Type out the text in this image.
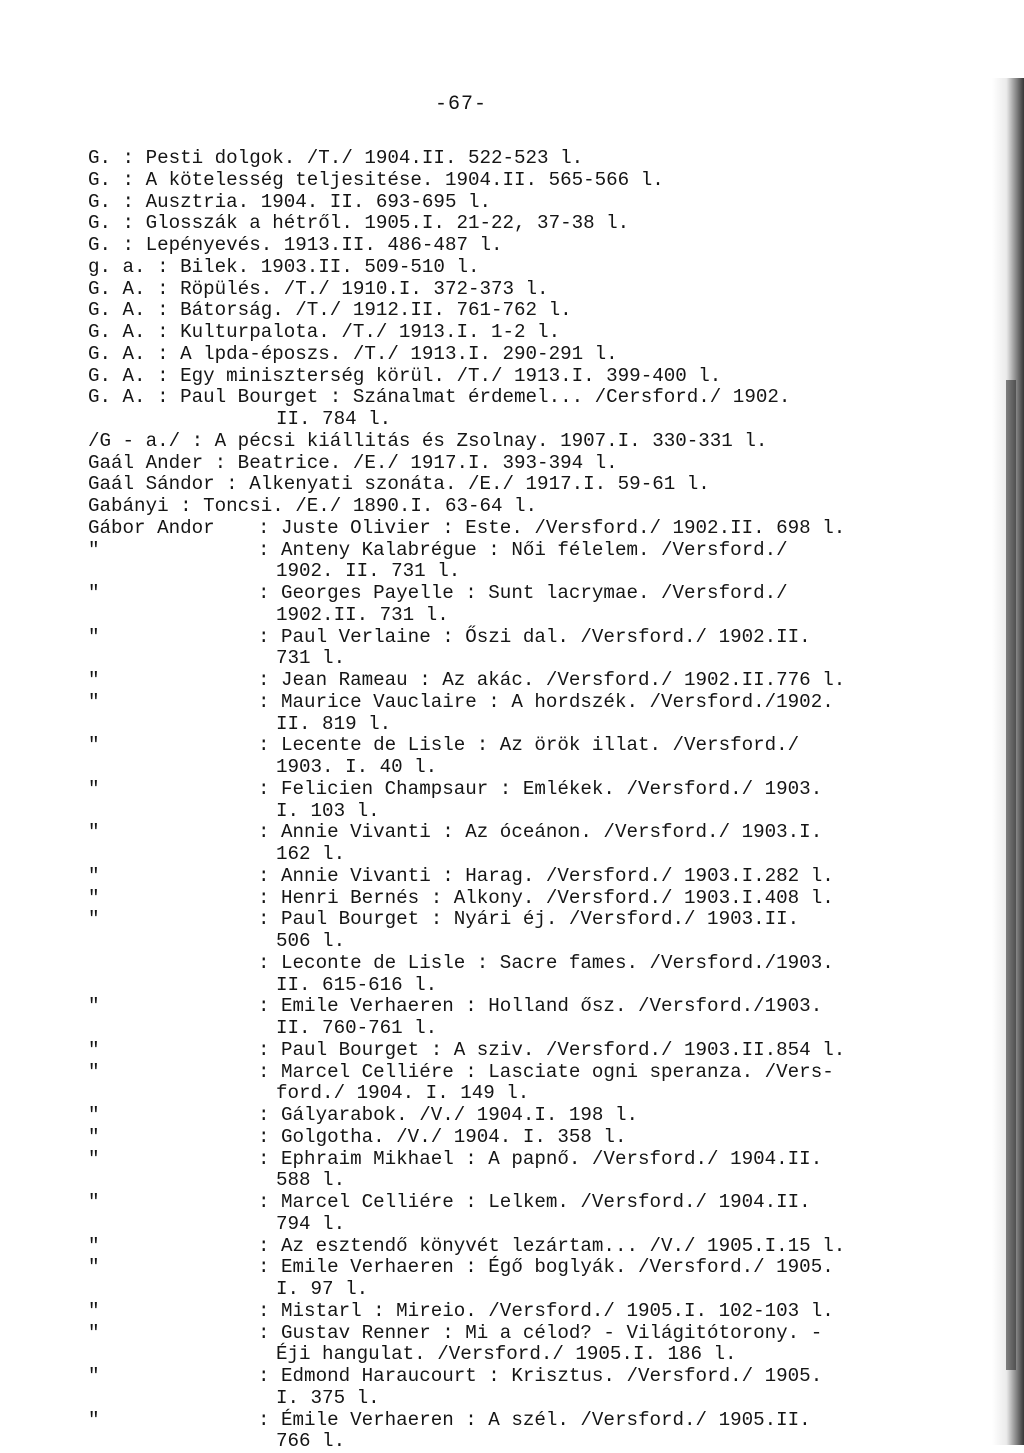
-67-
G. : Pesti dolgok. /T./ 1904.II. 522-523 l.
G. : A kötelesség teljesitése. 1904.II. 565-566 l.
G. : Ausztria. 1904. II. 693-695 l.
G. : Glosszák a hétről. 1905.I. 21-22, 37-38 l.
G. : Lepényevés. 1913.II. 486-487 l.
g. a. : Bilek. 1903.II. 509-510 l.
G. A. : Röpülés. /T./ 1910.I. 372-373 l.
G. A. : Bátorság. /T./ 1912.II. 761-762 l.
G. A. : Kulturpalota. /T./ 1913.I. 1-2 l.
G. A. : A lpda-époszs. /T./ 1913.I. 290-291 l.
G. A. : Egy miniszterség körül. /T./ 1913.I. 399-400 l.
G. A. : Paul Bourget : Szánalmat érdemel... /Cersford./ 1902.
II. 784 l.
/G - a./ : A pécsi kiállitás és Zsolnay. 1907.I. 330-331 l.
Gaál Ander : Beatrice. /E./ 1917.I. 393-394 l.
Gaál Sándor : Alkenyati szonáta. /E./ 1917.I. 59-61 l.
Gabányi : Toncsi. /E./ 1890.I. 63-64 l.
Gábor Andor : Juste Olivier : Este. /Versford./ 1902.II. 698 l.
"	: Anteny Kalabrégue : Női félelem. /Versford./
1902. II. 731 l.
"	: Georges Payelle : Sunt lacrymae. /Versford./
1902.II. 731 l.
"	: Paul Verlaine : Őszi dal. /Versford./ 1902.II.
731 l.
"	: Jean Rameau : Az akác. /Versford./ 1902.II.776 l.
"	: Maurice Vauclaire : A hordszék. /Versford./1902.
II. 819 l.
"	: Lecente de Lisle : Az örök illat. /Versford./
1903. I. 40 l.
"	: Felicien Champsaur : Emlékek. /Versford./ 1903.
I. 103 l.
"	: Annie Vivanti : Az óceánon. /Versford./ 1903.I.
162 l.
"	: Annie Vivanti : Harag. /Versford./ 1903.I.282 l.
"	: Henri Bernés : Alkony. /Versford./ 1903.I.408 l.
"	: Paul Bourget : Nyári éj. /Versford./ 1903.II.
506 l.
: Leconte de Lisle : Sacre fames. /Versford./1903.
II. 615-616 l.
"	: Emile Verhaeren : Holland ősz. /Versford./1903.
II. 760-761 l.
"	: Paul Bourget : A sziv. /Versford./ 1903.II.854 l.
"	: Marcel Celliére : Lasciate ogni speranza. /Vers-
ford./ 1904. I. 149 l.
"	: Gályarabok. /V./ 1904.I. 198 l.
"	: Golgotha. /V./ 1904. I. 358 l.
"	: Ephraim Mikhael : A papnő. /Versford./ 1904.II.
588 l.
"	: Marcel Celliére : Lelkem. /Versford./ 1904.II.
794 l.
"	: Az esztendő könyvét lezártam... /V./ 1905.I.15 l.
"	: Emile Verhaeren : Égő boglyák. /Versford./ 1905.
I. 97 l.
"	: Mistarl : Mireio. /Versford./ 1905.I. 102-103 l.
"	: Gustav Renner : Mi a célod? - Világitótorony. -
Éji hangulat. /Versford./ 1905.I. 186 l.
"	: Edmond Haraucourt : Krisztus. /Versford./ 1905.
I. 375 l.
"	: Émile Verhaeren : A szél. /Versford./ 1905.II.
766 l.
